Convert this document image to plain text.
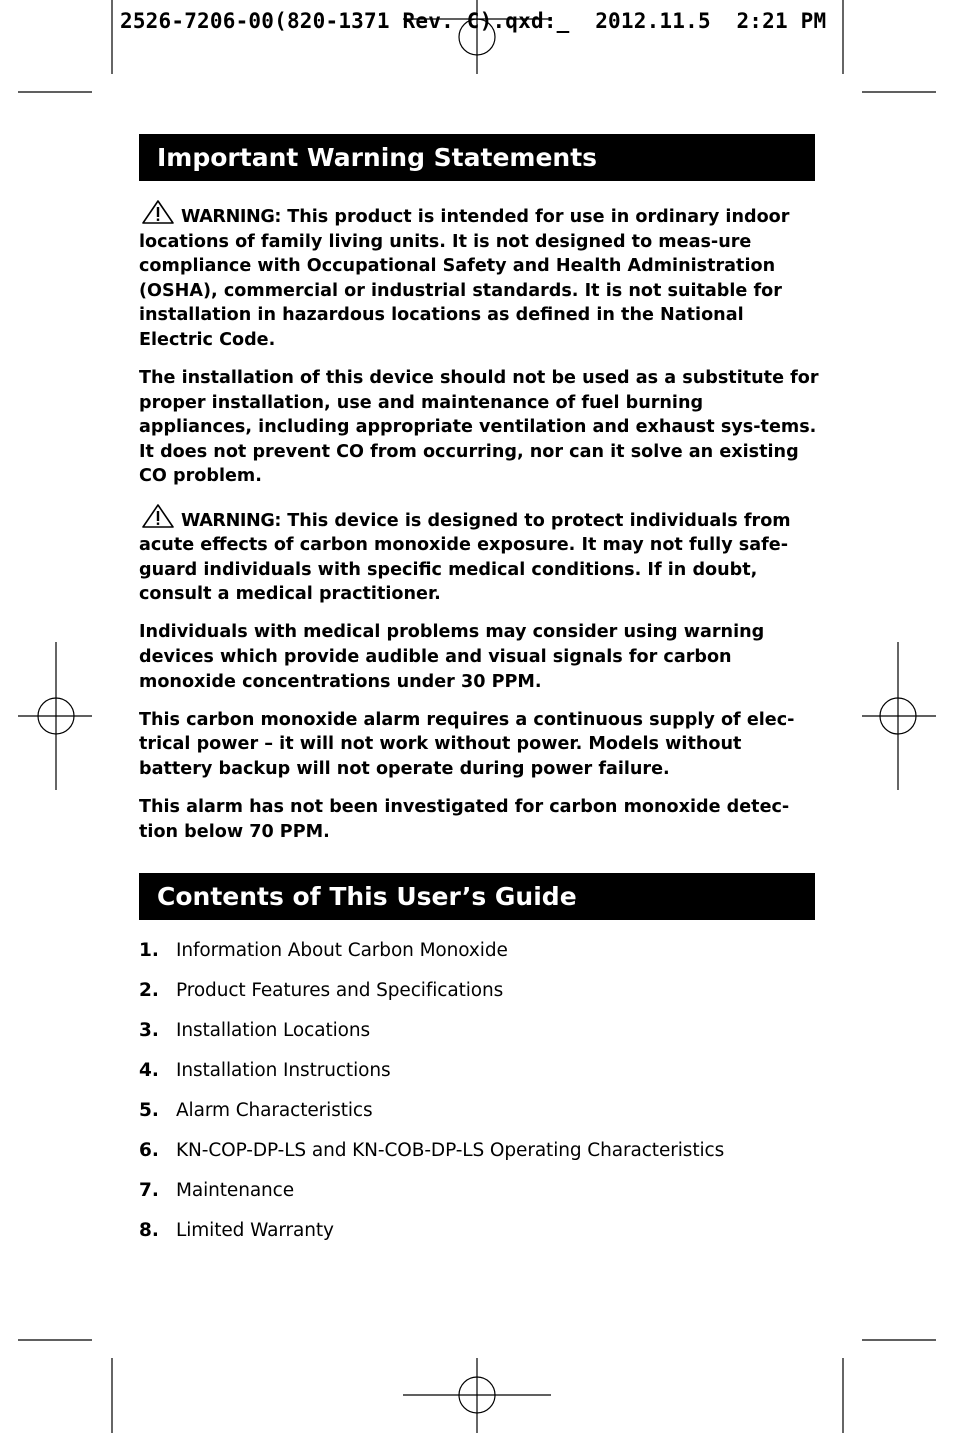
2526-7206-00(820-1371 Rev. C).qxd:_  2012.11.5  2:21 PM
Important Warning Statements

WARNING: This product is intended for use in ordinary indoor locations of family living units. It is not designed to meas-ure compliance with Occupational Safety and Health Administration (OSHA), commercial or industrial standards. It is not suitable for installation in hazardous locations as defined in the National Electric Code.

The installation of this device should not be used as a substitute for proper installation, use and maintenance of fuel burning appliances, including appropriate ventilation and exhaust sys-tems. It does not prevent CO from occurring, nor can it solve an existing CO problem.

WARNING: This device is designed to protect individuals from acute effects of carbon monoxide exposure. It may not fully safe-guard individuals with specific medical conditions. If in doubt, consult a medical practitioner.

Individuals with medical problems may consider using warning devices which provide audible and visual signals for carbon monoxide concentrations under 30 PPM.

This carbon monoxide alarm requires a continuous supply of elec-trical power – it will not work without power. Models without battery backup will not operate during power failure.

This alarm has not been investigated for carbon monoxide detec-tion below 70 PPM.

Contents of This User’s Guide
1. Information About Carbon Monoxide
2. Product Features and Specifications
3. Installation Locations
4. Installation Instructions
5. Alarm Characteristics
6. KN-COP-DP-LS and KN-COB-DP-LS Operating Characteristics
7. Maintenance
8. Limited Warranty
